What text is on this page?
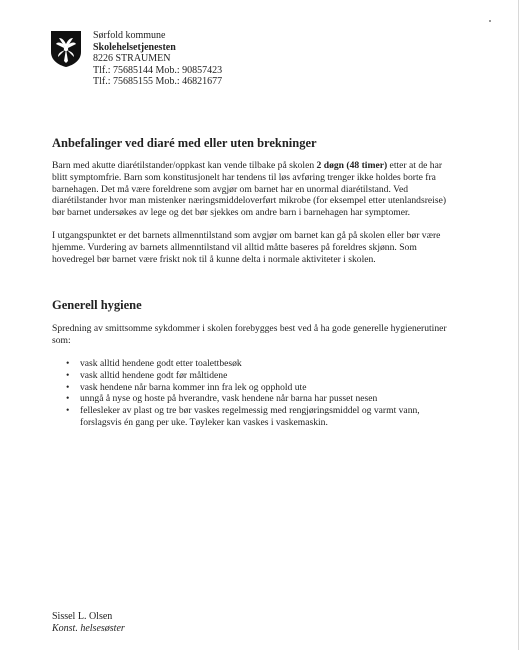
Sørfold kommune
Skolehelsetjenesten
8226 STRAUMEN
Tlf.: 75685144 Mob.: 90857423
Tlf.: 75685155 Mob.: 46821677
Anbefalinger ved diaré med eller uten brekninger

Barn med akutte diarétilstander/oppkast kan vende tilbake på skolen 2 døgn (48 timer) etter at de har blitt symptomfrie. Barn som konstitusjonelt har tendens til løs avføring trenger ikke holdes borte fra barnehagen. Det må være foreldrene som avgjør om barnet har en unormal diarétilstand. Ved diarétilstander hvor man mistenker næringsmiddeloverført mikrobe (for eksempel etter utenlandsreise) bør barnet undersøkes av lege og det bør sjekkes om andre barn i barnehagen har symptomer.

I utgangspunktet er det barnets allmenntilstand som avgjør om barnet kan gå på skolen eller bør være hjemme. Vurdering av barnets allmenntilstand vil alltid måtte baseres på foreldres skjønn. Som hovedregel bør barnet være friskt nok til å kunne delta i normale aktiviteter i skolen.

Generell hygiene

Spredning av smittsomme sykdommer i skolen forebygges best ved å ha gode generelle hygienerutiner som:

• vask alltid hendene godt etter toalettbesøk
• vask alltid hendene godt før måltidene
• vask hendene når barna kommer inn fra lek og opphold ute
• unngå å nyse og hoste på hverandre, vask hendene når barna har pusset nesen
• fellesleker av plast og tre bør vaskes regelmessig med rengjøringsmiddel og varmt vann, forslagsvis én gang per uke. Tøyleker kan vaskes i vaskemaskin.
Sissel L. Olsen
Konst. helsesøster
